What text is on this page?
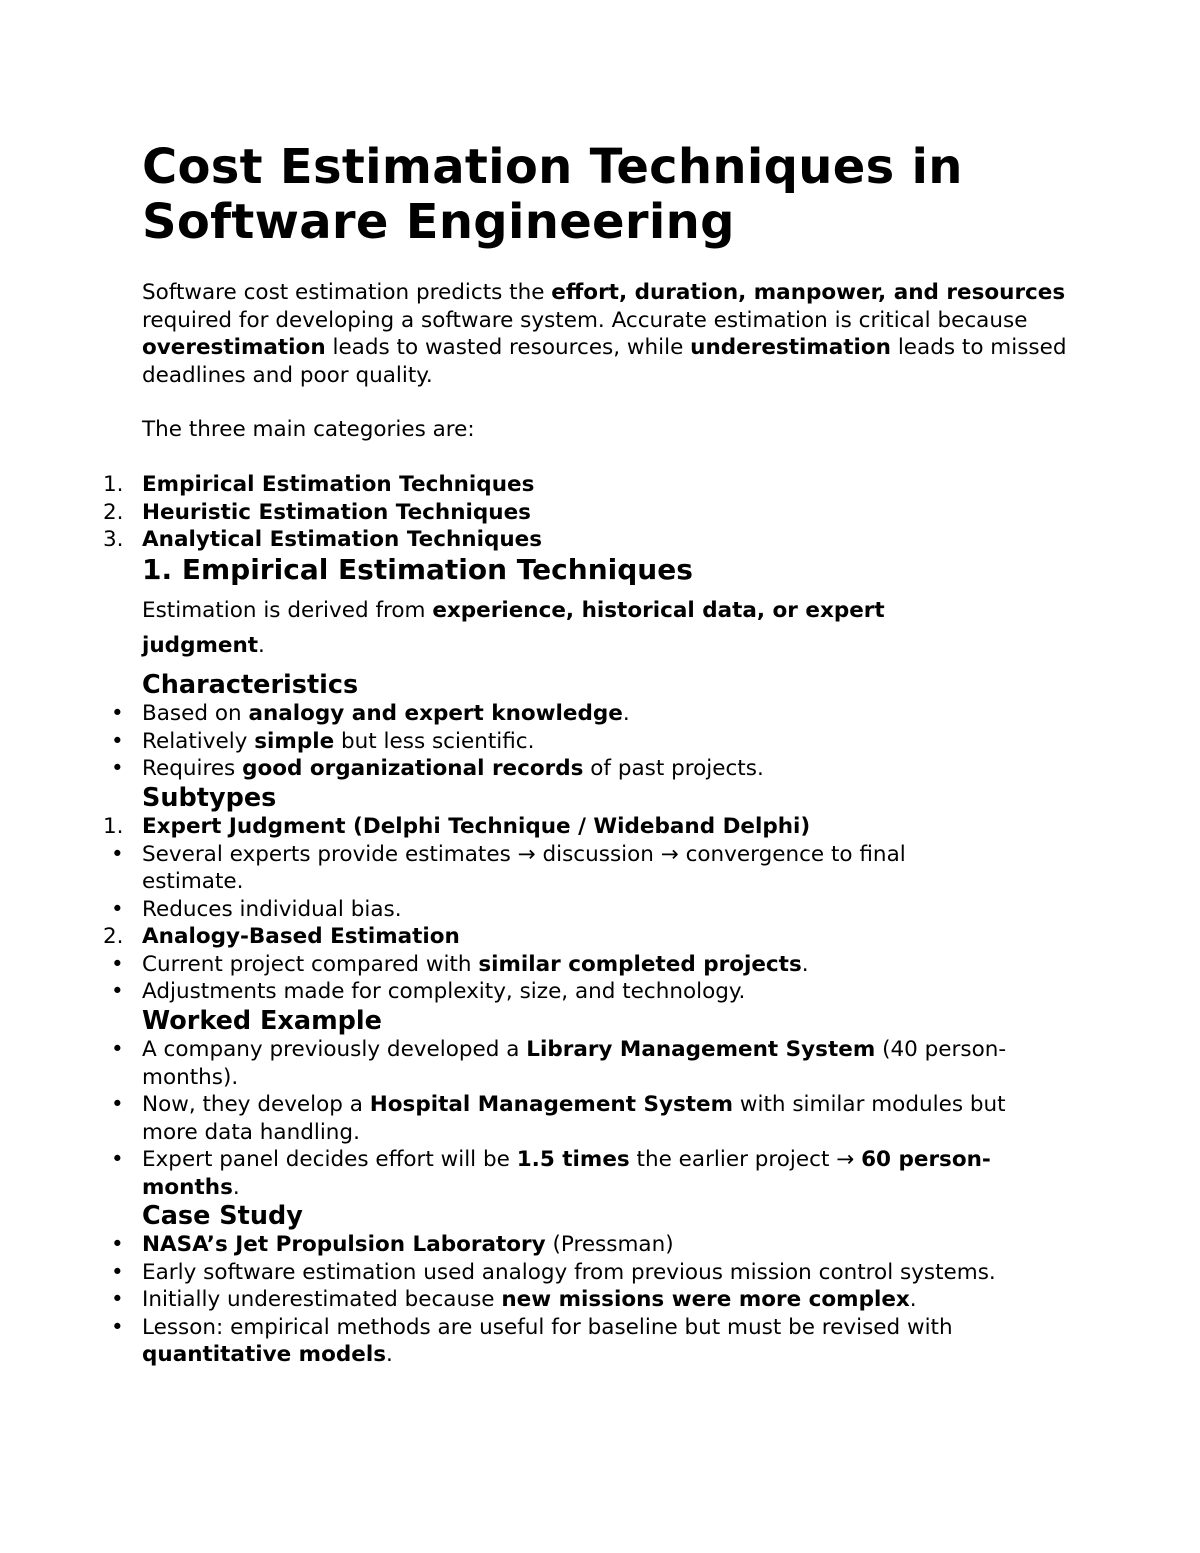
Cost Estimation Techniques in Software Engineering

Software cost estimation predicts the effort, duration, manpower, and resources required for developing a software system. Accurate estimation is critical because overestimation leads to wasted resources, while underestimation leads to missed deadlines and poor quality.

The three main categories are:

1. Empirical Estimation Techniques
2. Heuristic Estimation Techniques
3. Analytical Estimation Techniques
1. Empirical Estimation Techniques

Estimation is derived from experience, historical data, or expert judgment.

Characteristics
• Based on analogy and expert knowledge.
• Relatively simple but less scientific.
• Requires good organizational records of past projects.
Subtypes
1. Expert Judgment (Delphi Technique / Wideband Delphi)
• Several experts provide estimates → discussion → convergence to final estimate.
• Reduces individual bias.
2. Analogy-Based Estimation
• Current project compared with similar completed projects.
• Adjustments made for complexity, size, and technology.
Worked Example
• A company previously developed a Library Management System (40 person-months).
• Now, they develop a Hospital Management System with similar modules but more data handling.
• Expert panel decides effort will be 1.5 times the earlier project → 60 person-months.
Case Study
• NASA’s Jet Propulsion Laboratory (Pressman)
• Early software estimation used analogy from previous mission control systems.
• Initially underestimated because new missions were more complex.
• Lesson: empirical methods are useful for baseline but must be revised with quantitative models.
